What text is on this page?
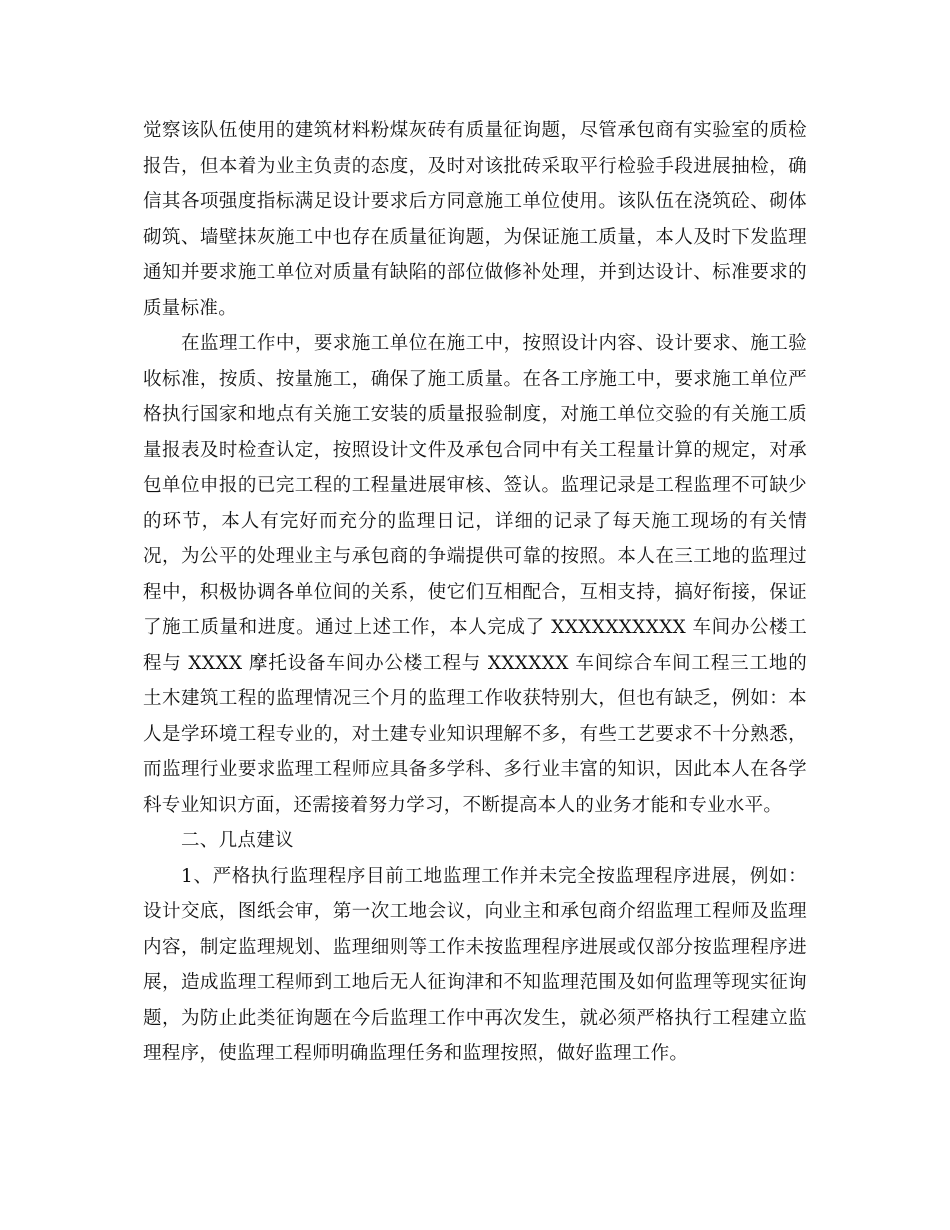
觉察该队伍使用的建筑材料粉煤灰砖有质量征询题，尽管承包商有实验室的质检报告，但本着为业主负责的态度，及时对该批砖采取平行检验手段进展抽检，确信其各项强度指标满足设计要求后方同意施工单位使用。该队伍在浇筑砼、砌体砌筑、墙壁抹灰施工中也存在质量征询题，为保证施工质量，本人及时下发监理通知并要求施工单位对质量有缺陷的部位做修补处理，并到达设计、标准要求的质量标准。

在监理工作中，要求施工单位在施工中，按照设计内容、设计要求、施工验收标准，按质、按量施工，确保了施工质量。在各工序施工中，要求施工单位严格执行国家和地点有关施工安装的质量报验制度，对施工单位交验的有关施工质量报表及时检查认定，按照设计文件及承包合同中有关工程量计算的规定，对承包单位申报的已完工程的工程量进展审核、签认。监理记录是工程监理不可缺少的环节，本人有完好而充分的监理日记，详细的记录了每天施工现场的有关情况，为公平的处理业主与承包商的争端提供可靠的按照。本人在三工地的监理过程中，积极协调各单位间的关系，使它们互相配合，互相支持，搞好衔接，保证了施工质量和进度。通过上述工作，本人完成了 XXXXXXXXXX 车间办公楼工程与 XXXX 摩托设备车间办公楼工程与 XXXXXX 车间综合车间工程三工地的土木建筑工程的监理情况三个月的监理工作收获特别大，但也有缺乏，例如：本人是学环境工程专业的，对土建专业知识理解不多，有些工艺要求不十分熟悉，而监理行业要求监理工程师应具备多学科、多行业丰富的知识，因此本人在各学科专业知识方面，还需接着努力学习，不断提高本人的业务才能和专业水平。

二、几点建议

1、严格执行监理程序目前工地监理工作并未完全按监理程序进展，例如：设计交底，图纸会审，第一次工地会议，向业主和承包商介绍监理工程师及监理内容，制定监理规划、监理细则等工作未按监理程序进展或仅部分按监理程序进展，造成监理工程师到工地后无人征询津和不知监理范围及如何监理等现实征询题，为防止此类征询题在今后监理工作中再次发生，就必须严格执行工程建立监理程序，使监理工程师明确监理任务和监理按照，做好监理工作。
